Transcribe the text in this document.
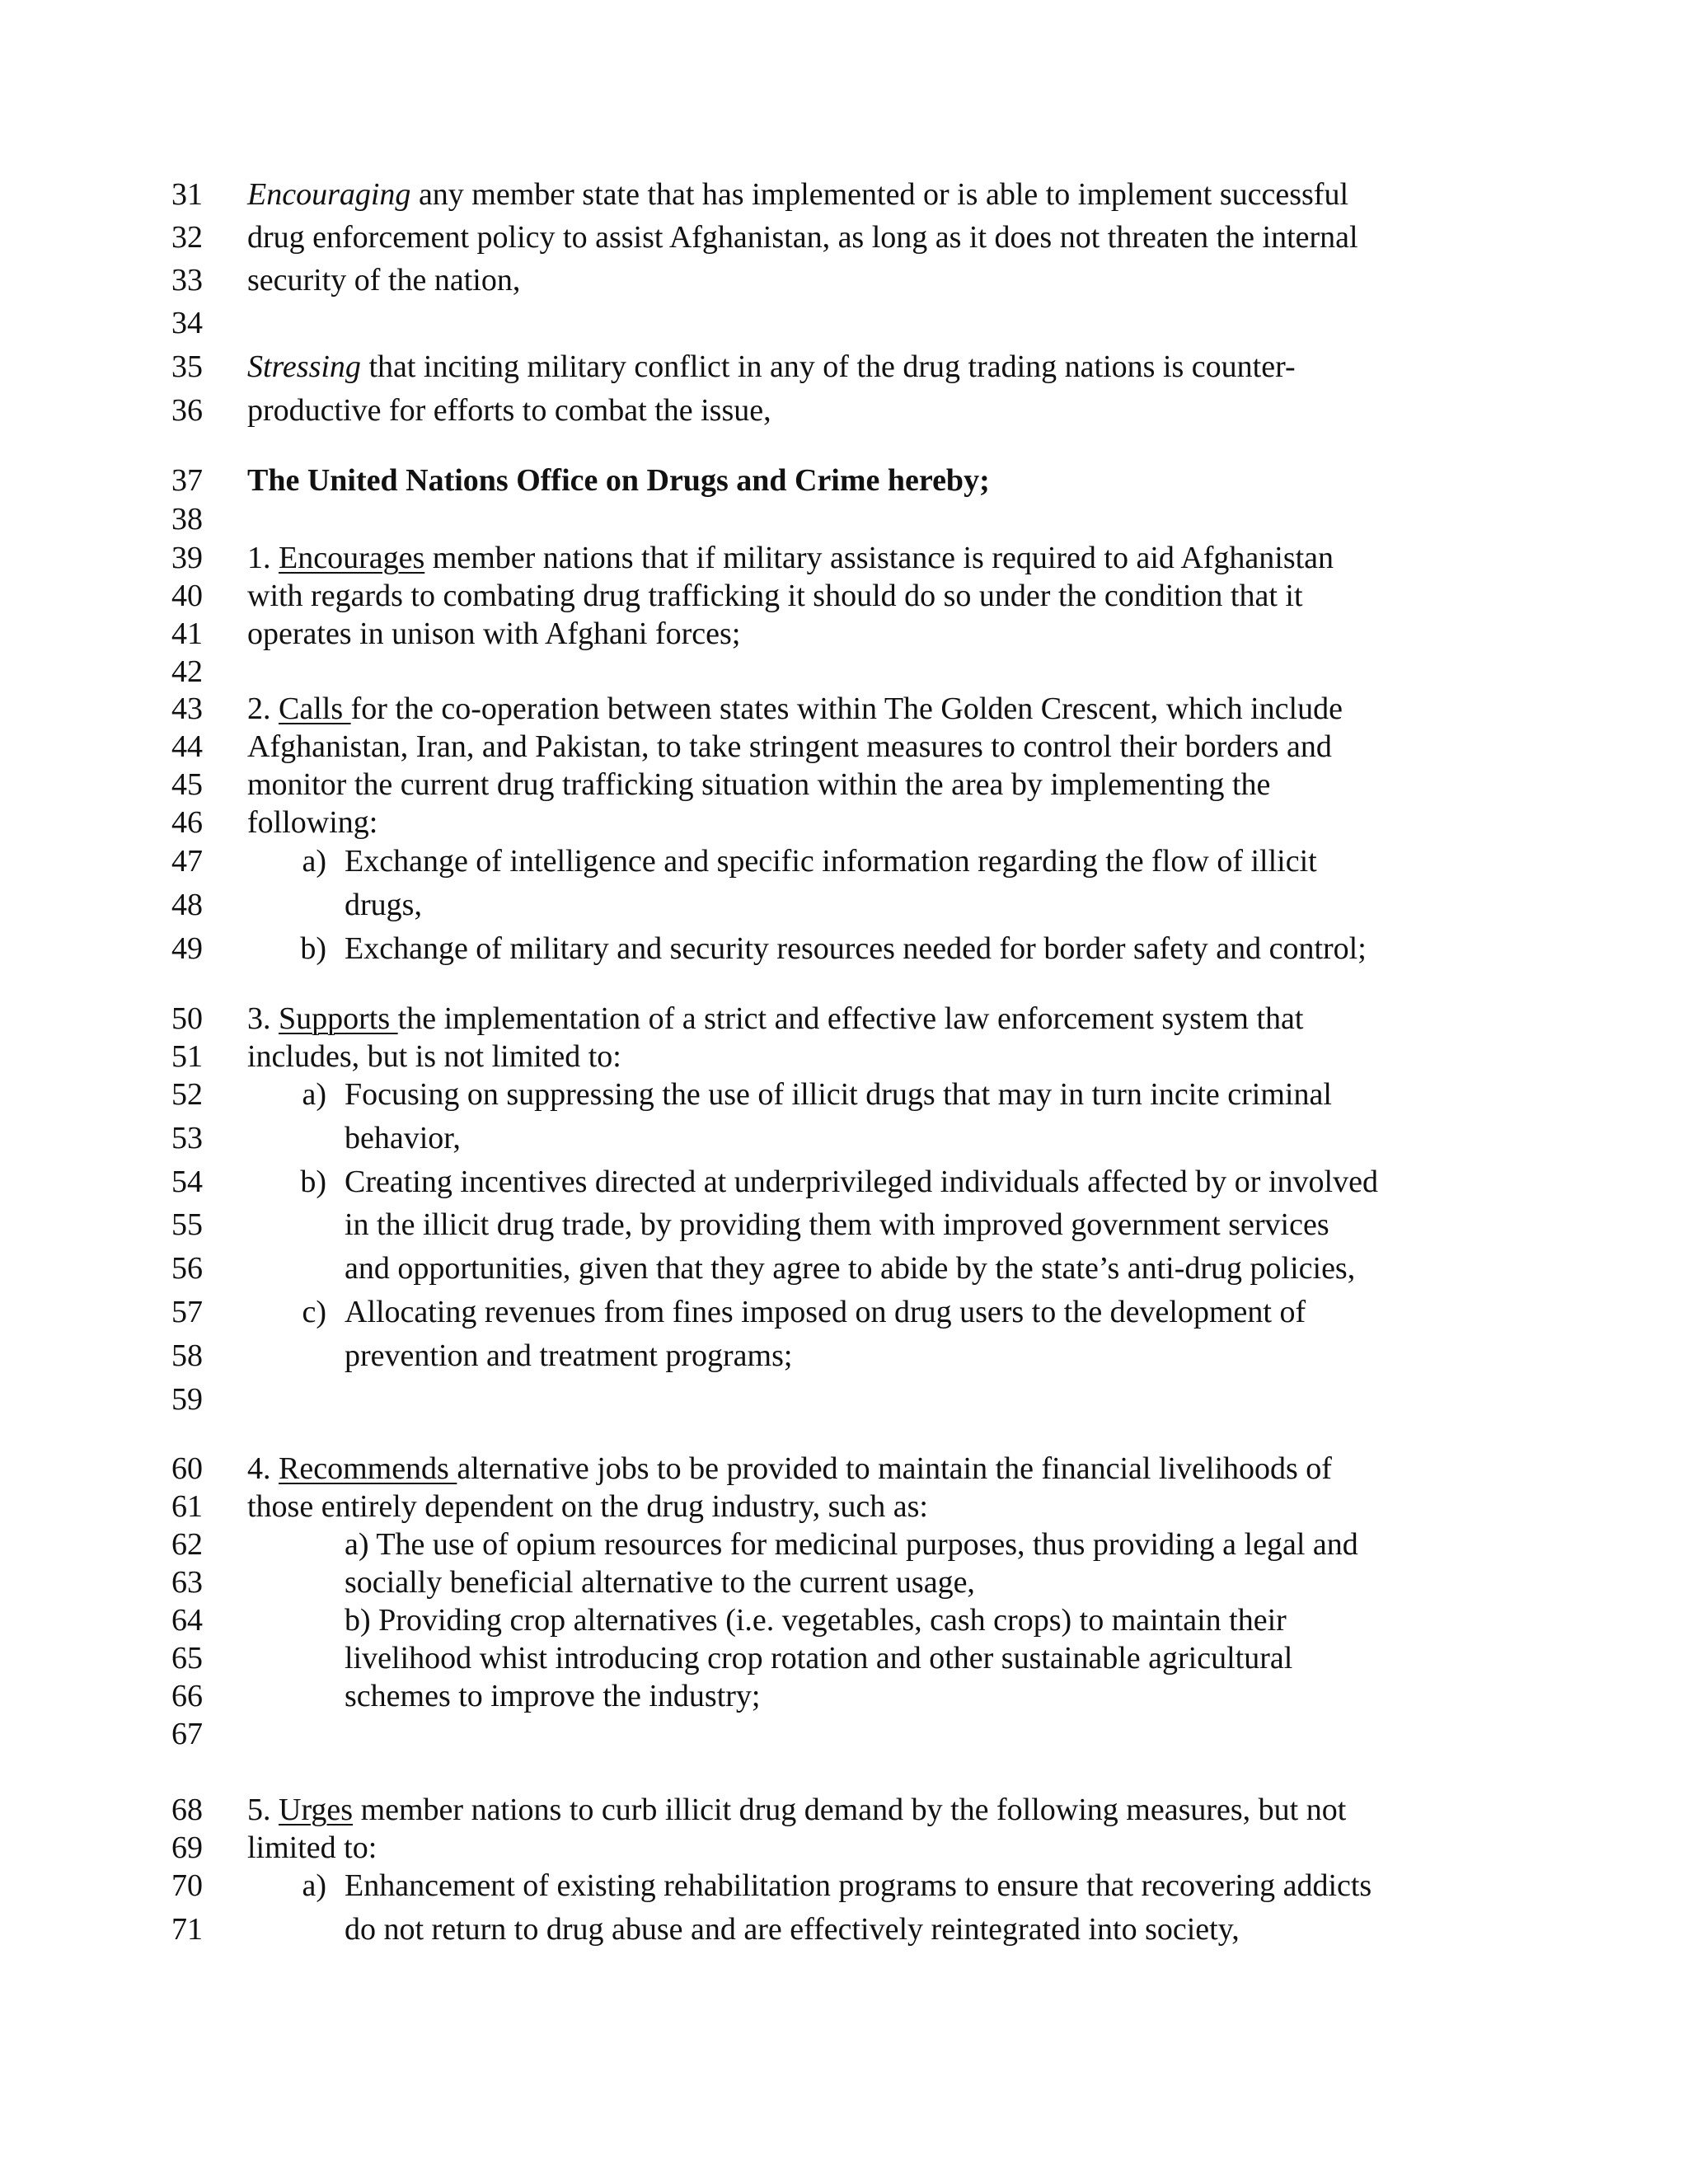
31 Encouraging any member state that has implemented or is able to implement successful
32 drug enforcement policy to assist Afghanistan, as long as it does not threaten the internal
33 security of the nation,
34
35 Stressing that inciting military conflict in any of the drug trading nations is counter-
36 productive for efforts to combat the issue,
37 The United Nations Office on Drugs and Crime hereby;
38
39 1. Encourages member nations that if military assistance is required to aid Afghanistan
40 with regards to combating drug trafficking it should do so under the condition that it
41 operates in unison with Afghani forces;
42
43 2. Calls for the co-operation between states within The Golden Crescent, which include
44 Afghanistan, Iran, and Pakistan, to take stringent measures to control their borders and
45 monitor the current drug trafficking situation within the area by implementing the
46 following:
47	a) Exchange of intelligence and specific information regarding the flow of illicit
48	drugs,
49	b) Exchange of military and security resources needed for border safety and control;
50 3. Supports the implementation of a strict and effective law enforcement system that
51 includes, but is not limited to:
52	a) Focusing on suppressing the use of illicit drugs that may in turn incite criminal
53	behavior,
54	b) Creating incentives directed at underprivileged individuals affected by or involved
55	in the illicit drug trade, by providing them with improved government services
56	and opportunities, given that they agree to abide by the state’s anti-drug policies,
57	c) Allocating revenues from fines imposed on drug users to the development of
58	prevention and treatment programs;
59
60 4. Recommends alternative jobs to be provided to maintain the financial livelihoods of
61 those entirely dependent on the drug industry, such as:
62	a) The use of opium resources for medicinal purposes, thus providing a legal and
63	socially beneficial alternative to the current usage,
64	b) Providing crop alternatives (i.e. vegetables, cash crops) to maintain their
65	livelihood whist introducing crop rotation and other sustainable agricultural
66	schemes to improve the industry;
67
68 5. Urges member nations to curb illicit drug demand by the following measures, but not
69 limited to:
70	a) Enhancement of existing rehabilitation programs to ensure that recovering addicts
71	do not return to drug abuse and are effectively reintegrated into society,
